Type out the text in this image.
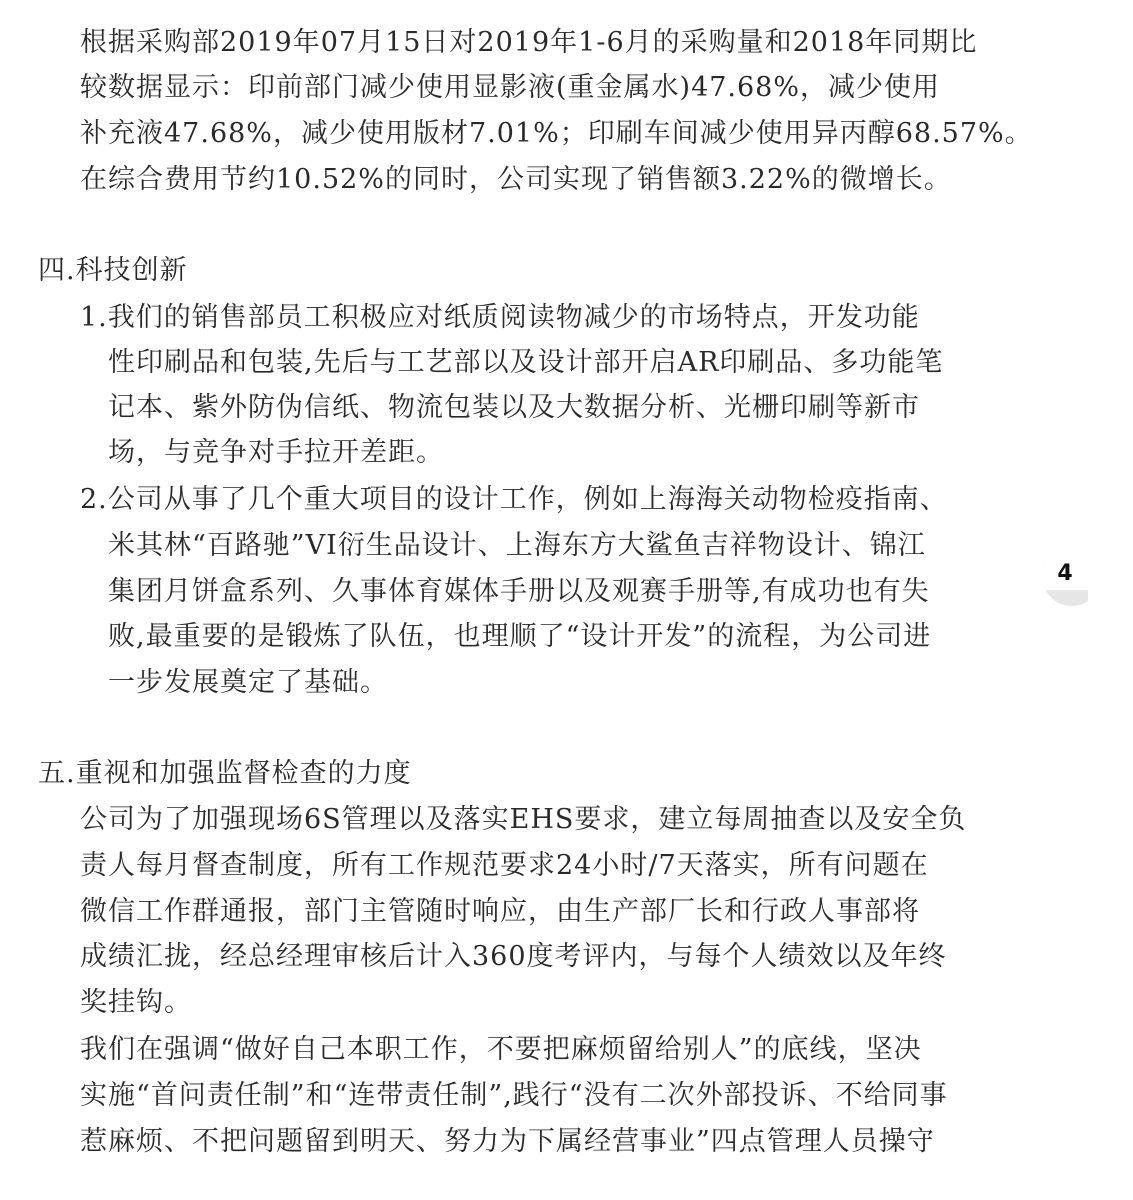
根据采购部2019年07月15日对2019年1-6月的采购量和2018年同期比
较数据显示：印前部门减少使用显影液(重金属水)47.68%，减少使用
补充液47.68%，减少使用版材7.01%；印刷车间减少使用异丙醇68.57%。
在综合费用节约10.52%的同时，公司实现了销售额3.22%的微增长。
四.科技创新
1.我们的销售部员工积极应对纸质阅读物减少的市场特点，开发功能
性印刷品和包装,先后与工艺部以及设计部开启AR印刷品、多功能笔
记本、紫外防伪信纸、物流包装以及大数据分析、光栅印刷等新市
场，与竞争对手拉开差距。
2.公司从事了几个重大项目的设计工作，例如上海海关动物检疫指南、
米其林“百路驰”VI衍生品设计、上海东方大鲨鱼吉祥物设计、锦江
集团月饼盒系列、久事体育媒体手册以及观赛手册等,有成功也有失
败,最重要的是锻炼了队伍，也理顺了“设计开发”的流程，为公司进
一步发展奠定了基础。
五.重视和加强监督检查的力度
公司为了加强现场6S管理以及落实EHS要求，建立每周抽查以及安全负
责人每月督查制度，所有工作规范要求24小时/7天落实，所有问题在
微信工作群通报，部门主管随时响应，由生产部厂长和行政人事部将
成绩汇拢，经总经理审核后计入360度考评内，与每个人绩效以及年终
奖挂钩。
我们在强调“做好自己本职工作，不要把麻烦留给别人”的底线，坚决
实施“首问责任制”和“连带责任制”,践行“没有二次外部投诉、不给同事
惹麻烦、不把问题留到明天、努力为下属经营事业”四点管理人员操守
4
